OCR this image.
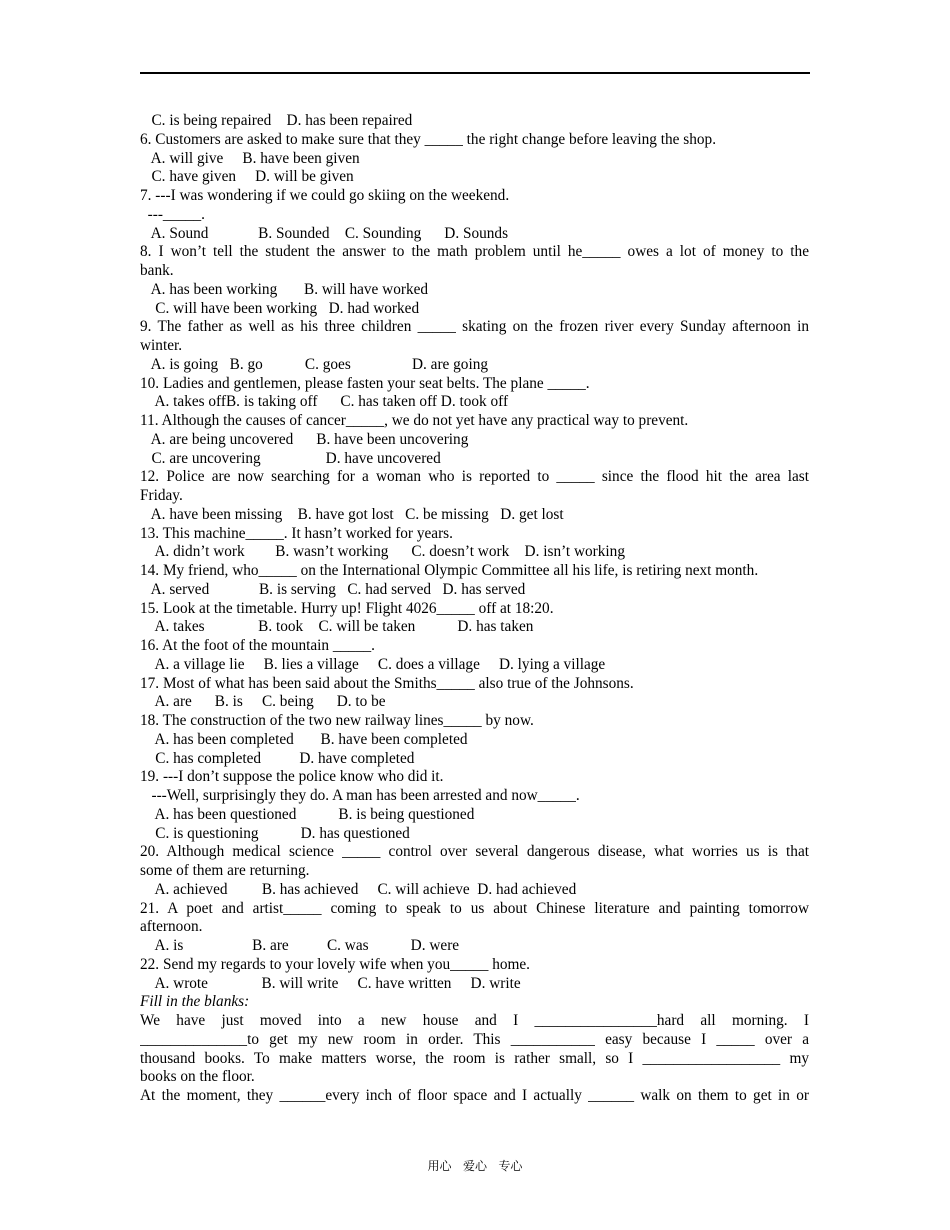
C. is being repaired    D. has been repaired
6. Customers are asked to make sure that they _____ the right change before leaving the shop.
A. will give     B. have been given
C. have given     D. will be given
7. ---I was wondering if we could go skiing on the weekend.
---_____.
A. Sound             B. Sounded    C. Sounding      D. Sounds
8. I won’t tell the student the answer to the math problem until he_____ owes a lot of money to the
bank.
A. has been working       B. will have worked
C. will have been working   D. had worked
9. The father as well as his three children _____ skating on the frozen river every Sunday afternoon in
winter.
A. is going   B. go           C. goes                D. are going
10. Ladies and gentlemen, please fasten your seat belts. The plane _____.
A. takes offB. is taking off      C. has taken off D. took off
11. Although the causes of cancer_____, we do not yet have any practical way to prevent.
A. are being uncovered      B. have been uncovering
C. are uncovering                 D. have uncovered
12. Police are now searching for a woman who is reported to _____ since the flood hit the area last
Friday.
A. have been missing    B. have got lost   C. be missing   D. get lost
13. This machine_____. It hasn’t worked for years.
A. didn’t work        B. wasn’t working      C. doesn’t work    D. isn’t working
14. My friend, who_____ on the International Olympic Committee all his life, is retiring next month.
A. served             B. is serving   C. had served   D. has served
15. Look at the timetable. Hurry up! Flight 4026_____ off at 18:20.
A. takes              B. took    C. will be taken           D. has taken
16. At the foot of the mountain _____.
A. a village lie     B. lies a village     C. does a village     D. lying a village
17. Most of what has been said about the Smiths_____ also true of the Johnsons.
A. are      B. is     C. being      D. to be
18. The construction of the two new railway lines_____ by now.
A. has been completed       B. have been completed
C. has completed          D. have completed
19. ---I don’t suppose the police know who did it.
---Well, surprisingly they do. A man has been arrested and now_____.
A. has been questioned           B. is being questioned
C. is questioning           D. has questioned
20. Although medical science _____ control over several dangerous disease, what worries us is that
some of them are returning.
A. achieved         B. has achieved     C. will achieve  D. had achieved
21. A poet and artist_____ coming to speak to us about Chinese literature and painting tomorrow
afternoon.
A. is                  B. are          C. was           D. were
22. Send my regards to your lovely wife when you_____ home.
A. wrote              B. will write     C. have written     D. write
Fill in the blanks:
We have just moved into a new house and I ________________hard all morning. I
______________to get my new room in order. This ___________ easy because I _____ over a
thousand books. To make matters worse, the room is rather small, so I __________________ my
books on the floor.
At the moment, they ______every inch of floor space and I actually ______ walk on them to get in or
用心   爱心   专心
